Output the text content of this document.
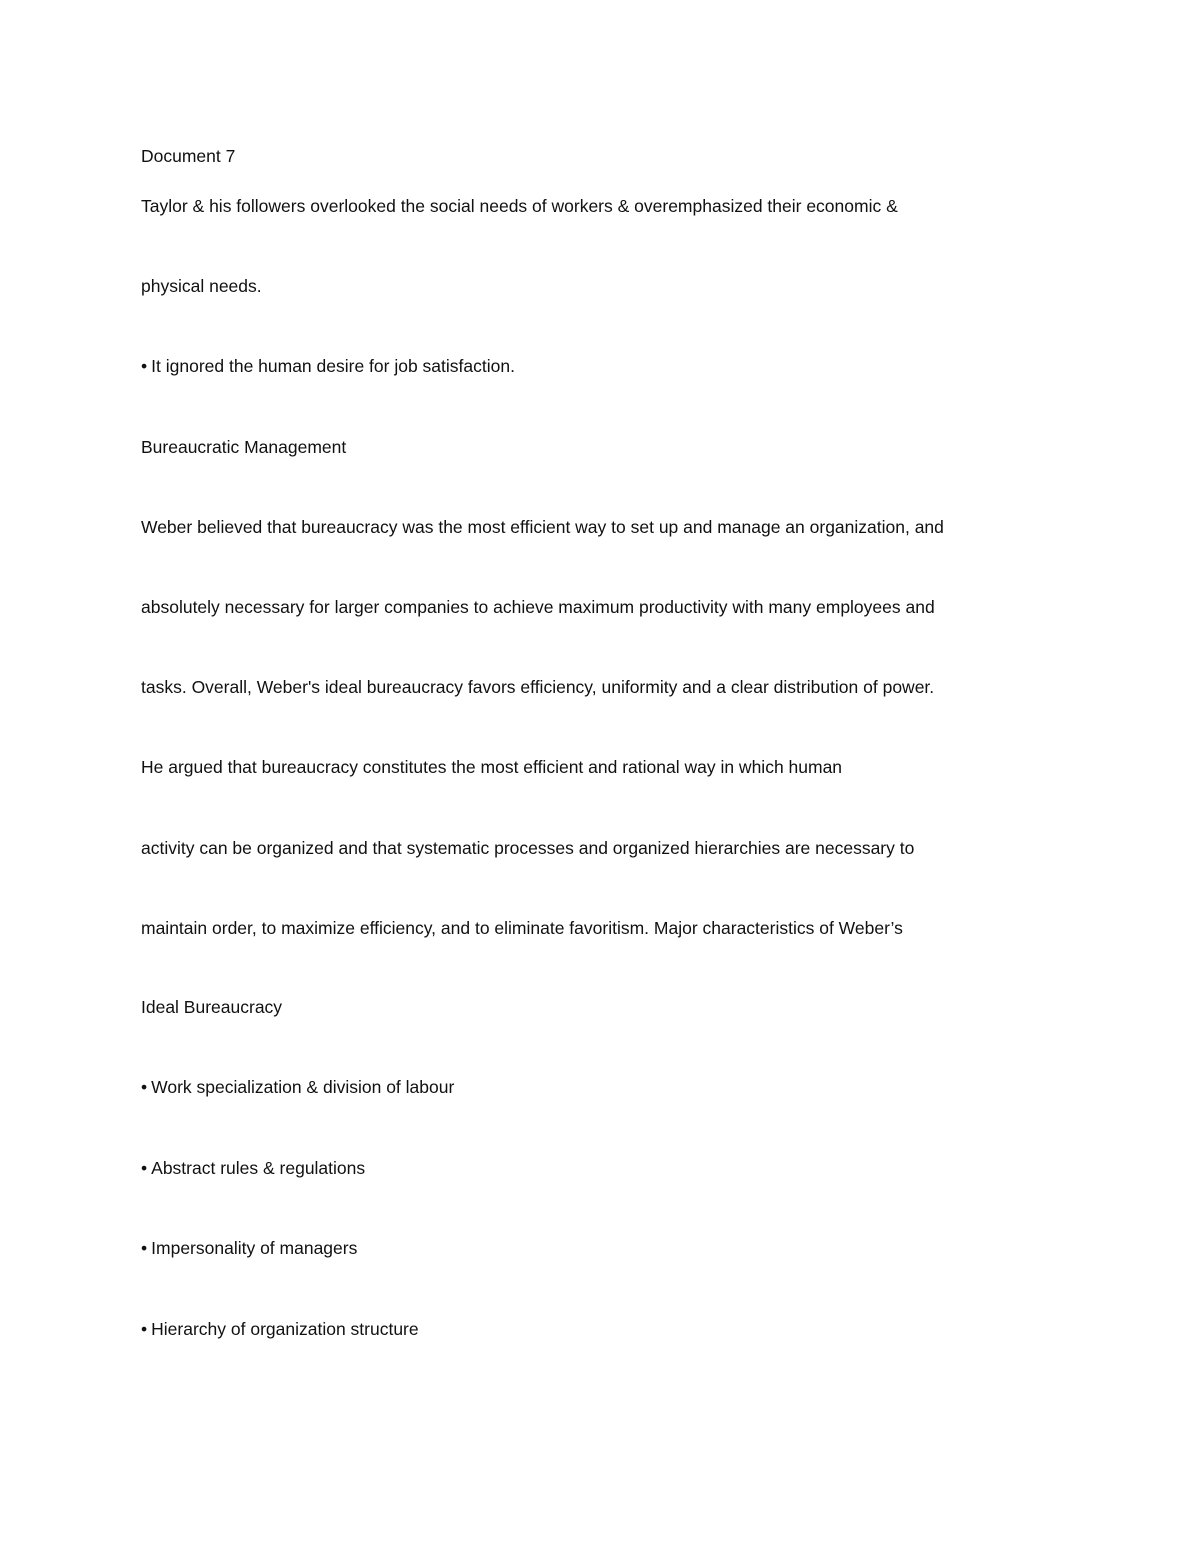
Document 7

Taylor & his followers overlooked the social needs of workers & overemphasized their economic &

physical needs.

• It ignored the human desire for job satisfaction.

Bureaucratic Management

Weber believed that bureaucracy was the most efficient way to set up and manage an organization, and

absolutely necessary for larger companies to achieve maximum productivity with many employees and

tasks. Overall, Weber's ideal bureaucracy favors efficiency, uniformity and a clear distribution of power.

He argued that bureaucracy constitutes the most efficient and rational way in which human

activity can be organized and that systematic processes and organized hierarchies are necessary to

maintain order, to maximize efficiency, and to eliminate favoritism. Major characteristics of Weber’s

Ideal Bureaucracy

• Work specialization & division of labour

• Abstract rules & regulations

• Impersonality of managers

• Hierarchy of organization structure
